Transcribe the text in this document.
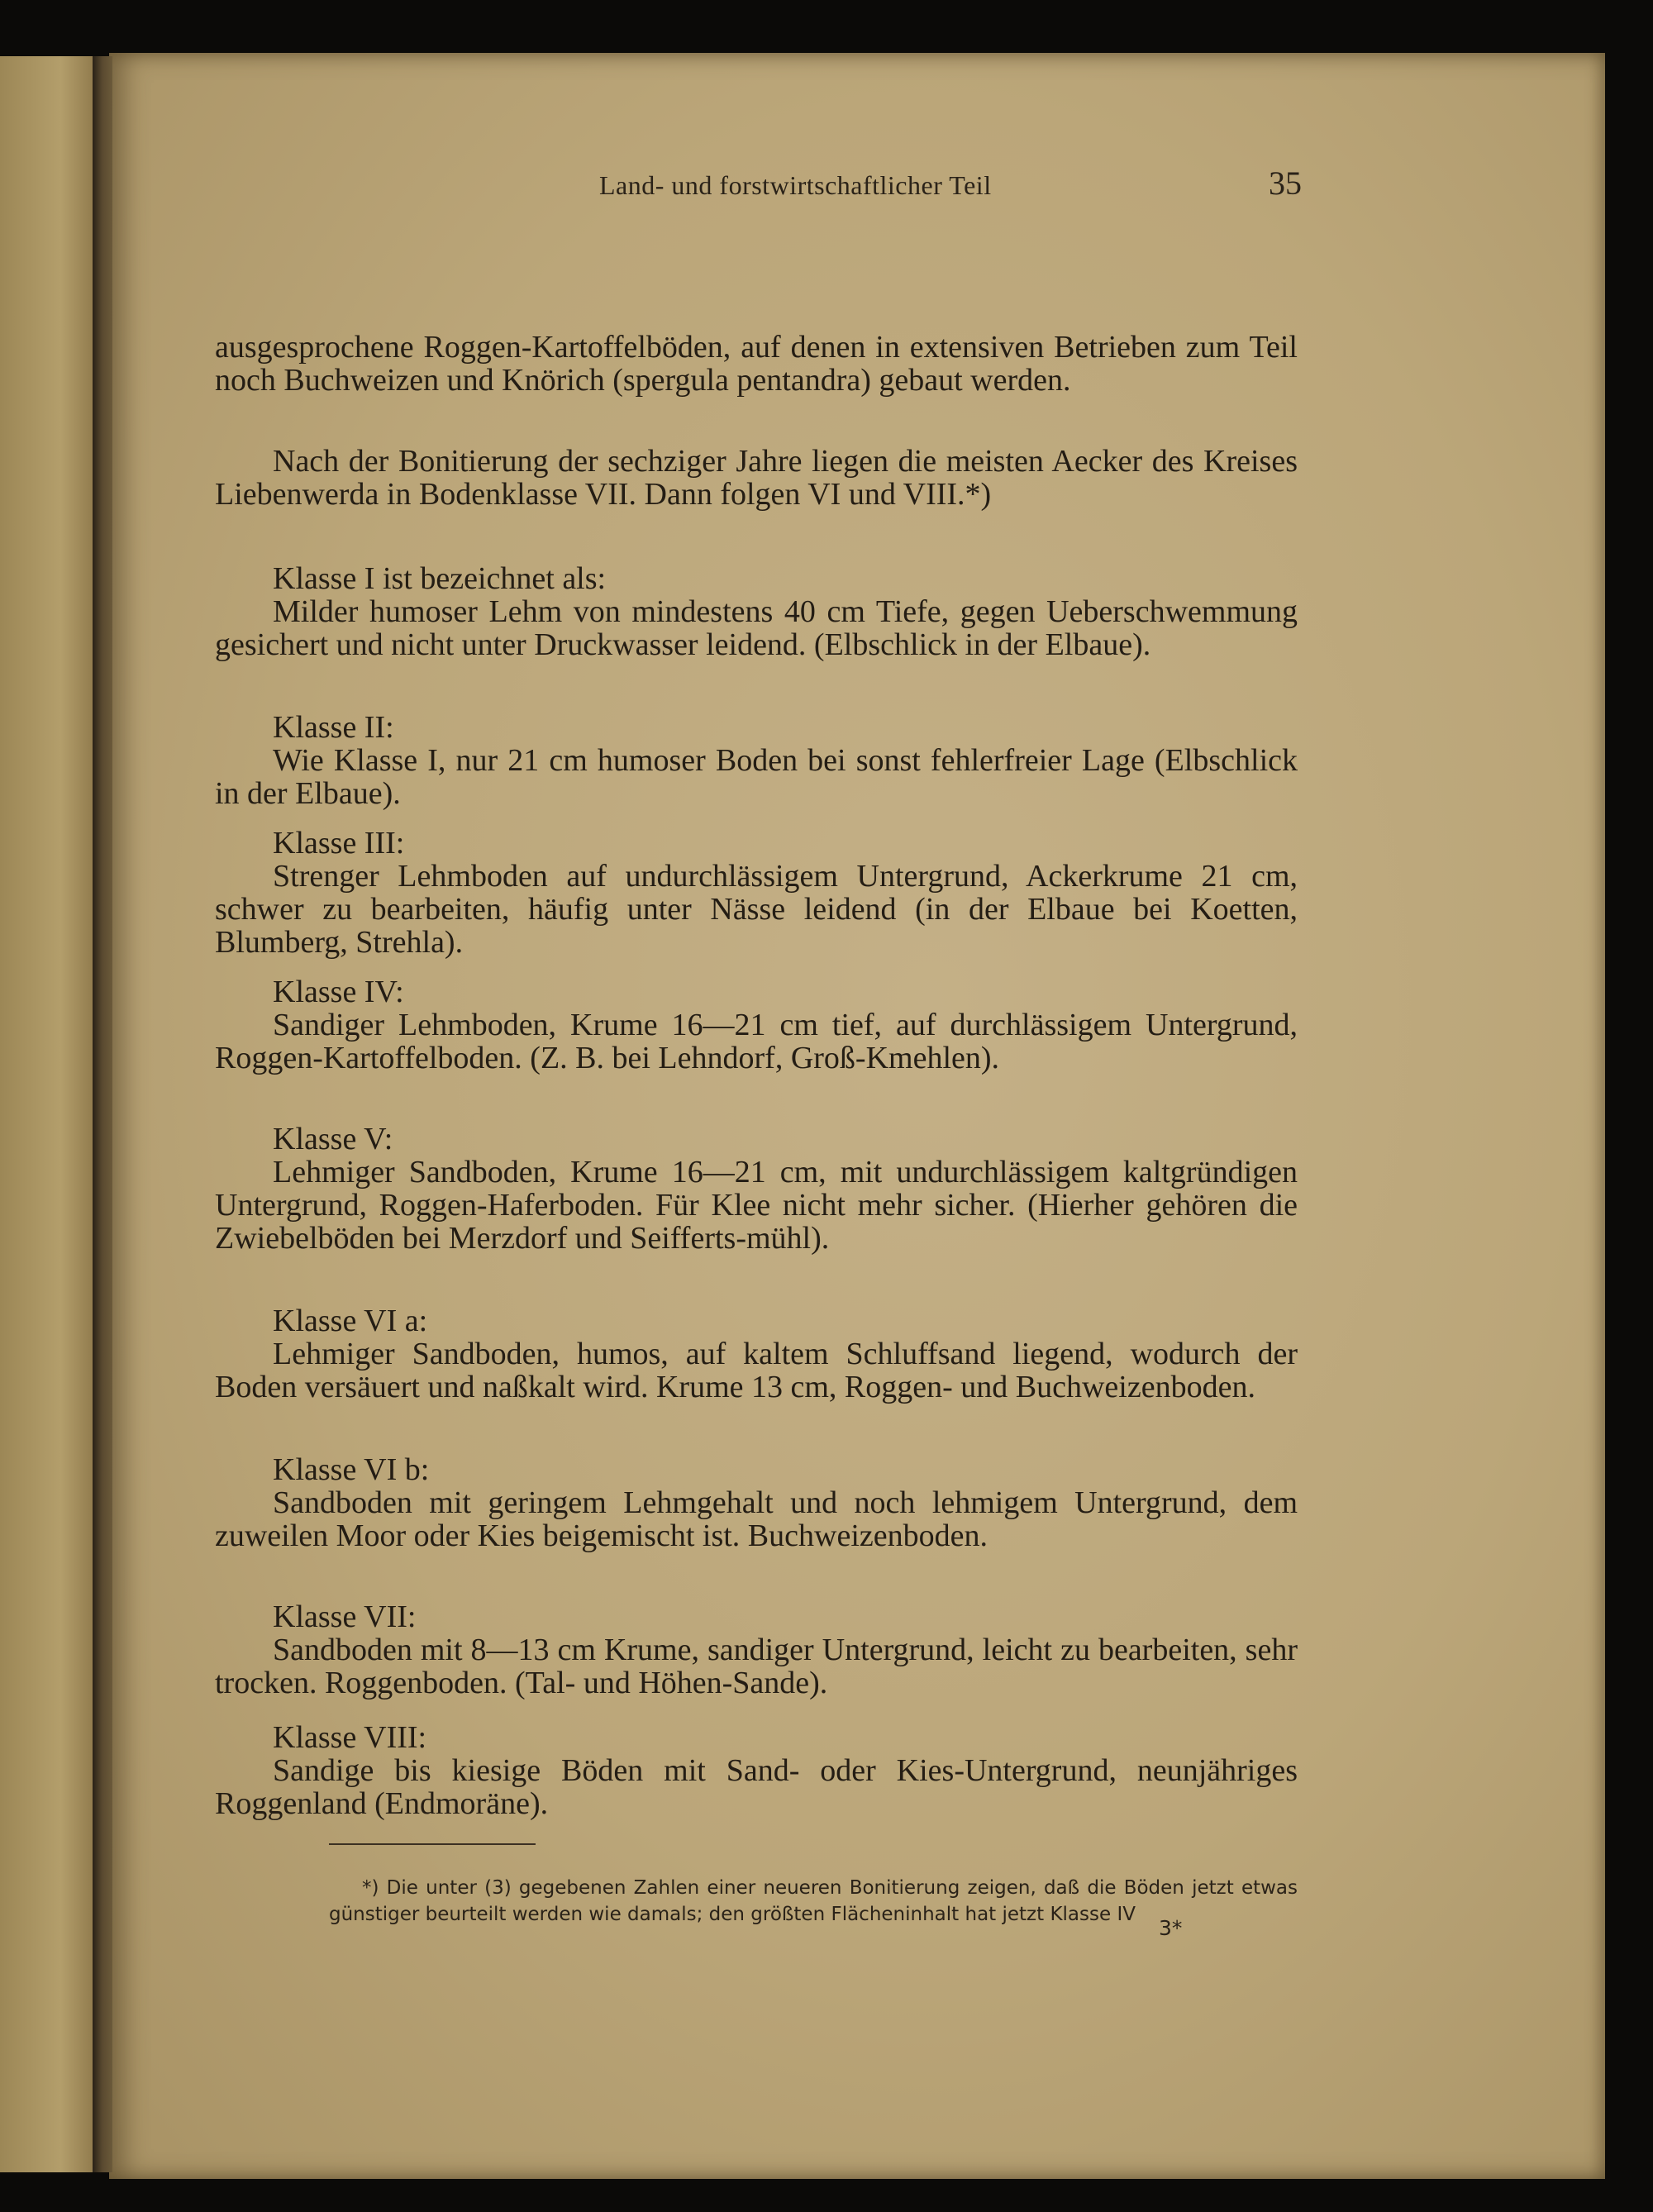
Land- und forstwirtschaftlicher Teil	35

ausgesprochene Roggen-Kartoffelböden, auf denen in extensiven Betrieben zum Teil noch Buchweizen und Knörich (spergula pentandra) gebaut werden.

Nach der Bonitierung der sechziger Jahre liegen die meisten Aecker des Kreises Liebenwerda in Bodenklasse VII. Dann folgen VI und VIII.*)

Klasse I ist bezeichnet als:

Milder humoser Lehm von mindestens 40 cm Tiefe, gegen Ueberschwemmung gesichert und nicht unter Druckwasser leidend. (Elbschlick in der Elbaue).

Klasse II:

Wie Klasse I, nur 21 cm humoser Boden bei sonst fehlerfreier Lage (Elbschlick in der Elbaue).

Klasse III:

Strenger Lehmboden auf undurchlässigem Untergrund, Ackerkrume 21 cm, schwer zu bearbeiten, häufig unter Nässe leidend (in der Elbaue bei Koetten, Blumberg, Strehla).

Klasse IV:

Sandiger Lehmboden, Krume 16—21 cm tief, auf durchlässigem Untergrund, Roggen-Kartoffelboden. (Z. B. bei Lehndorf, Groß-Kmehlen).

Klasse V:

Lehmiger Sandboden, Krume 16—21 cm, mit undurchlässigem kaltgründigen Untergrund, Roggen-Haferboden. Für Klee nicht mehr sicher. (Hierher gehören die Zwiebelböden bei Merzdorf und Seifferts-mühl).

Klasse VI a:

Lehmiger Sandboden, humos, auf kaltem Schluffsand liegend, wodurch der Boden versäuert und naßkalt wird. Krume 13 cm, Roggen- und Buchweizenboden.

Klasse VI b:

Sandboden mit geringem Lehmgehalt und noch lehmigem Untergrund, dem zuweilen Moor oder Kies beigemischt ist. Buchweizenboden.

Klasse VII:

Sandboden mit 8—13 cm Krume, sandiger Untergrund, leicht zu bearbeiten, sehr trocken. Roggenboden. (Tal- und Höhen-Sande).

Klasse VIII:

Sandige bis kiesige Böden mit Sand- oder Kies-Untergrund, neunjähriges Roggenland (Endmoräne).

*) Die unter (3) gegebenen Zahlen einer neueren Bonitierung zeigen, daß die Böden jetzt etwas günstiger beurteilt werden wie damals; den größten Flächeninhalt hat jetzt Klasse IV

3*
